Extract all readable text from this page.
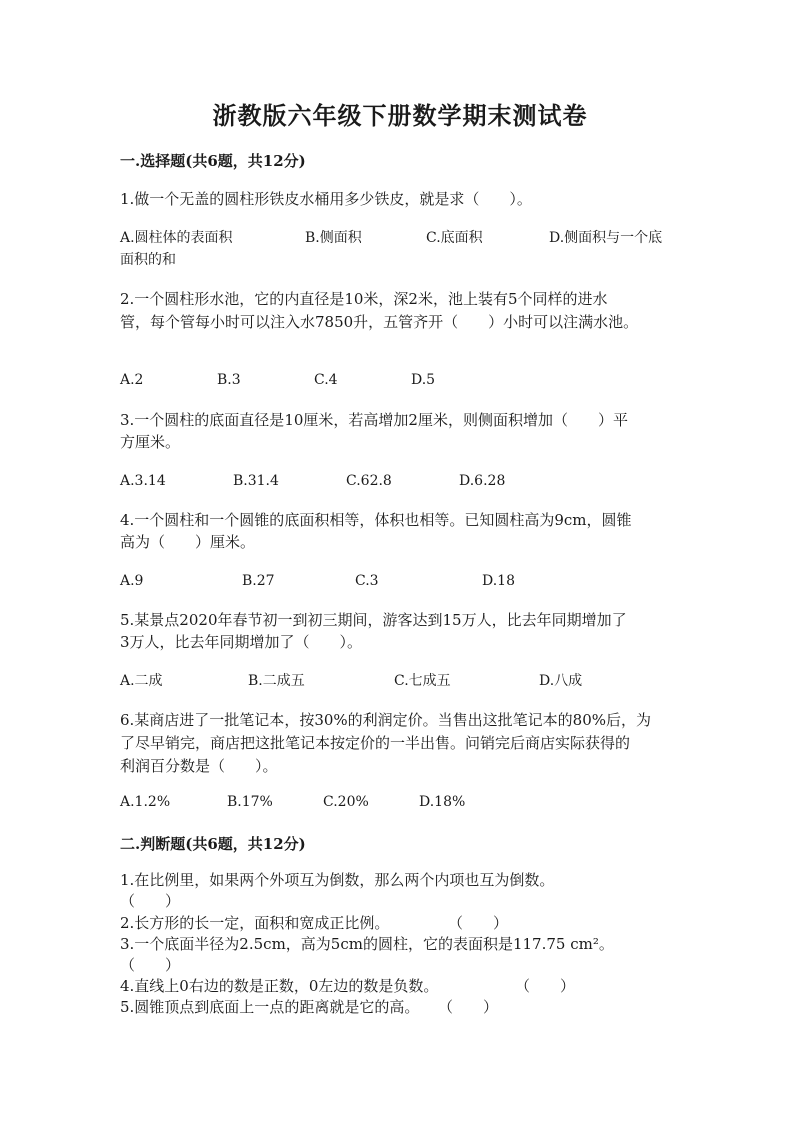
浙教版六年级下册数学期末测试卷
一.选择题(共6题，共12分)
1.做一个无盖的圆柱形铁皮水桶用多少铁皮，就是求（　　）。
A.圆柱体的表面积	B.侧面积	C.底面积	D.侧面积与一个底
面积的和
2.一个圆柱形水池，它的内直径是10米，深2米，池上装有5个同样的进水
管，每个管每小时可以注入水7850升，五管齐开（　　）小时可以注满水池。
A.2	B.3	C.4	D.5
3.一个圆柱的底面直径是10厘米，若高增加2厘米，则侧面积增加（　　）平
方厘米。
A.3.14	B.31.4	C.62.8	D.6.28
4.一个圆柱和一个圆锥的底面积相等，体积也相等。已知圆柱高为9cm，圆锥
高为（　　）厘米。
A.9	B.27	C.3	D.18
5.某景点2020年春节初一到初三期间，游客达到15万人，比去年同期增加了
3万人，比去年同期增加了（　　）。
A.二成	B.二成五	C.七成五	D.八成
6.某商店进了一批笔记本，按30%的利润定价。当售出这批笔记本的80%后，为
了尽早销完，商店把这批笔记本按定价的一半出售。问销完后商店实际获得的
利润百分数是（　　）。
A.1.2%	B.17%	C.20%	D.18%
二.判断题(共6题，共12分)
1.在比例里，如果两个外项互为倒数，那么两个内项也互为倒数。
（　　）
2.长方形的长一定，面积和宽成正比例。	（　　）
3.一个底面半径为2.5cm，高为5cm的圆柱，它的表面积是117.75 cm²。
（　　）
4.直线上0右边的数是正数，0左边的数是负数。	（　　）
5.圆锥顶点到底面上一点的距离就是它的高。 （　　）
